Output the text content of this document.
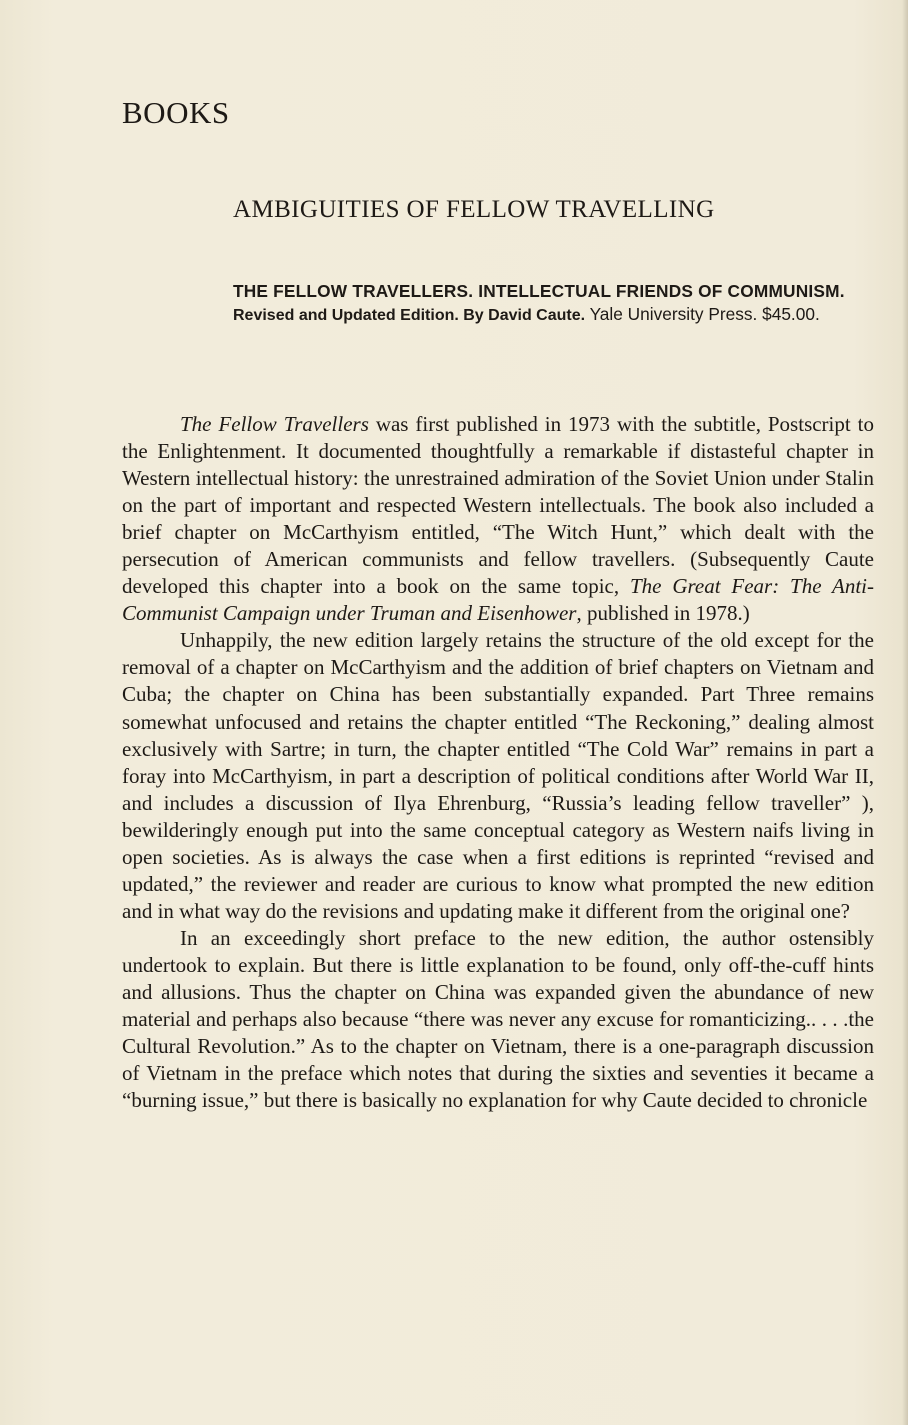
BOOKS
AMBIGUITIES OF FELLOW TRAVELLING
THE FELLOW TRAVELLERS. INTELLECTUAL FRIENDS OF COMMUNISM. Revised and Updated Edition. By David Caute. Yale University Press. $45.00.

The Fellow Travellers was first published in 1973 with the subtitle, Postscript to the Enlightenment. It documented thoughtfully a remarkable if distasteful chapter in Western intellectual history: the unrestrained admiration of the Soviet Union under Stalin on the part of important and respected Western intellectuals. The book also included a brief chapter on McCarthyism entitled, “The Witch Hunt,” which dealt with the persecution of American communists and fellow travellers. (Subsequently Caute developed this chapter into a book on the same topic, The Great Fear: The Anti-Communist Campaign under Truman and Eisenhower, published in 1978.)

Unhappily, the new edition largely retains the structure of the old except for the removal of a chapter on McCarthyism and the addition of brief chapters on Vietnam and Cuba; the chapter on China has been substantially expanded. Part Three remains somewhat unfocused and retains the chapter entitled “The Reckoning,” dealing almost exclusively with Sartre; in turn, the chapter entitled “The Cold War” remains in part a foray into McCarthyism, in part a description of political conditions after World War II, and includes a discussion of Ilya Ehrenburg, “Russia’s leading fellow traveller” ), bewilderingly enough put into the same conceptual category as Western naifs living in open societies. As is always the case when a first editions is reprinted “revised and updated,” the reviewer and reader are curious to know what prompted the new edition and in what way do the revisions and updating make it different from the original one?

In an exceedingly short preface to the new edition, the author ostensibly undertook to explain. But there is little explanation to be found, only off-the-cuff hints and allusions. Thus the chapter on China was expanded given the abundance of new material and perhaps also because “there was never any excuse for romanticizing.. . . .the Cultural Revolution.” As to the chapter on Vietnam, there is a one-paragraph discussion of Vietnam in the preface which notes that during the sixties and seventies it became a “burning issue,” but there is basically no explanation for why Caute decided to chronicle
